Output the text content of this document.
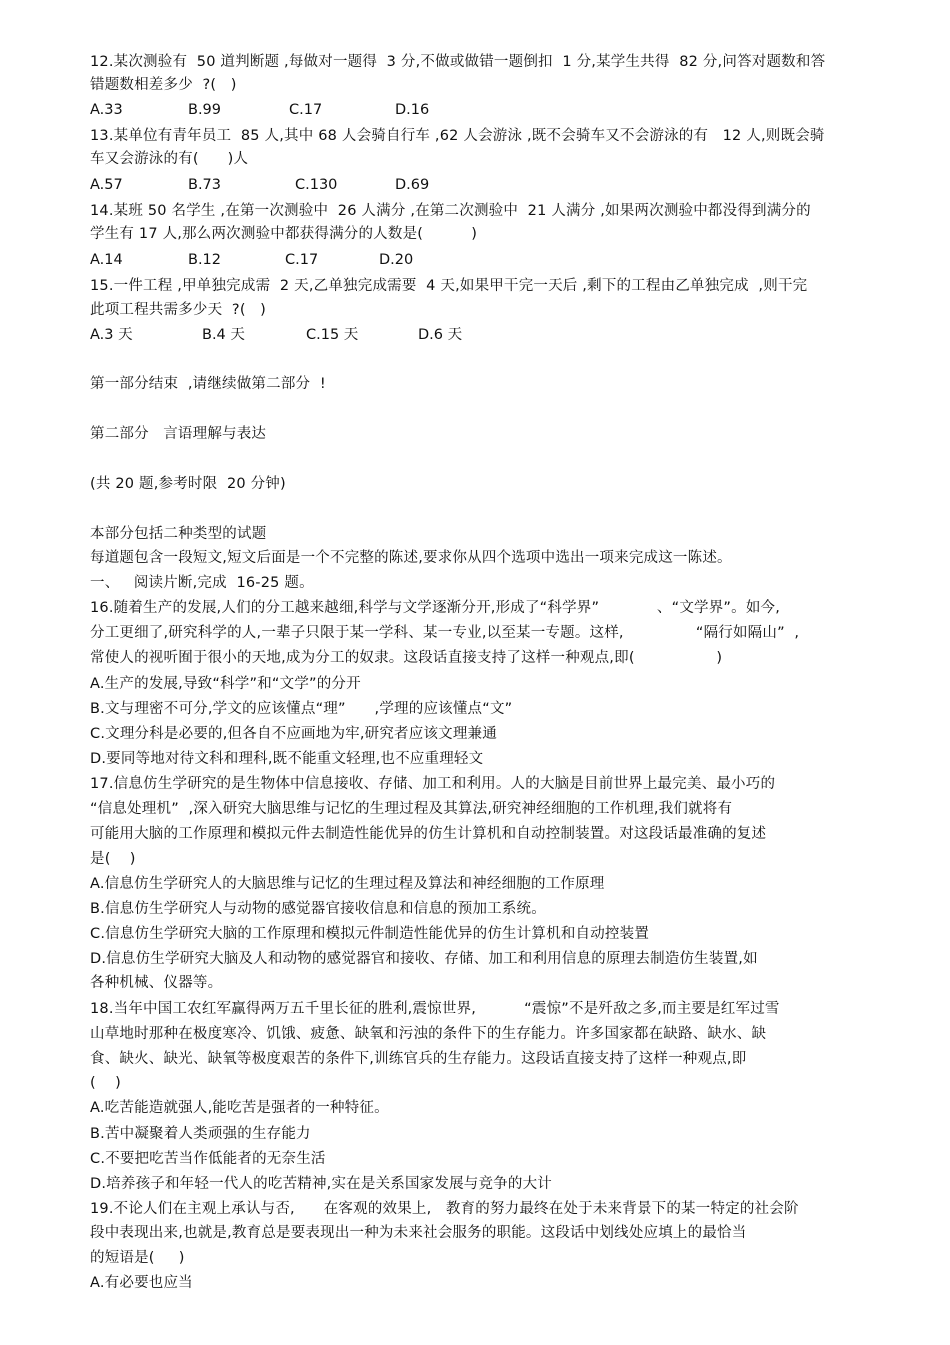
12.某次测验有  50 道判断题 ,每做对一题得  3 分,不做或做错一题倒扣  1 分,某学生共得  82 分,问答对题数和答
错题数相差多少  ?(   )
A.33	B.99	C.17	D.16
13.某单位有青年员工  85 人,其中 68 人会骑自行车 ,62 人会游泳 ,既不会骑车又不会游泳的有   12 人,则既会骑
车又会游泳的有(      )人
A.57	B.73	C.130	D.69
14.某班 50 名学生 ,在第一次测验中  26 人满分 ,在第二次测验中  21 人满分 ,如果两次测验中都没得到满分的
学生有 17 人,那么两次测验中都获得满分的人数是(          )
A.14	B.12	C.17	D.20
15.一件工程 ,甲单独完成需  2 天,乙单独完成需要  4 天,如果甲干完一天后 ,剩下的工程由乙单独完成  ,则干完
此项工程共需多少天  ?(   )
A.3 天	B.4 天	C.15 天	D.6 天
第一部分结束  ,请继续做第二部分  !
第二部分   言语理解与表达
(共 20 题,参考时限  20 分钟)
本部分包括二种类型的试题
每道题包含一段短文,短文后面是一个不完整的陈述,要求你从四个选项中选出一项来完成这一陈述。
一、   阅读片断,完成  16-25 题。
16.随着生产的发展,人们的分工越来越细,科学与文学逐渐分开,形成了“科学界”            、“文学界”。如今,
分工更细了,研究科学的人,一辈子只限于某一学科、某一专业,以至某一专题。这样,               “隔行如隔山”  ,
常使人的视听囿于很小的天地,成为分工的奴隶。这段话直接支持了这样一种观点,即(                 )
A.生产的发展,导致“科学”和“文学”的分开
B.文与理密不可分,学文的应该懂点“理”      ,学理的应该懂点“文”
C.文理分科是必要的,但各自不应画地为牢,研究者应该文理兼通
D.要同等地对待文科和理科,既不能重文轻理,也不应重理轻文
17.信息仿生学研究的是生物体中信息接收、存储、加工和利用。人的大脑是目前世界上最完美、最小巧的
“信息处理机”  ,深入研究大脑思维与记忆的生理过程及其算法,研究神经细胞的工作机理,我们就将有
可能用大脑的工作原理和模拟元件去制造性能优异的仿生计算机和自动控制装置。对这段话最准确的复述
是(    )
A.信息仿生学研究人的大脑思维与记忆的生理过程及算法和神经细胞的工作原理
B.信息仿生学研究人与动物的感觉器官接收信息和信息的预加工系统。
C.信息仿生学研究大脑的工作原理和模拟元件制造性能优异的仿生计算机和自动控装置
D.信息仿生学研究大脑及人和动物的感觉器官和接收、存储、加工和利用信息的原理去制造仿生装置,如
各种机械、仪器等。
18.当年中国工农红军赢得两万五千里长征的胜利,震惊世界,          “震惊”不是歼敌之多,而主要是红军过雪
山草地时那种在极度寒冷、饥饿、疲惫、缺氧和污浊的条件下的生存能力。许多国家都在缺路、缺水、缺
食、缺火、缺光、缺氧等极度艰苦的条件下,训练官兵的生存能力。这段话直接支持了这样一种观点,即
(    )
A.吃苦能造就强人,能吃苦是强者的一种特征。
B.苦中凝聚着人类顽强的生存能力
C.不要把吃苦当作低能者的无奈生活
D.培养孩子和年轻一代人的吃苦精神,实在是关系国家发展与竞争的大计
19.不论人们在主观上承认与否,      在客观的效果上,   教育的努力最终在处于未来背景下的某一特定的社会阶
段中表现出来,也就是,教育总是要表现出一种为未来社会服务的职能。这段话中划线处应填上的最恰当
的短语是(     )
A.有必要也应当
